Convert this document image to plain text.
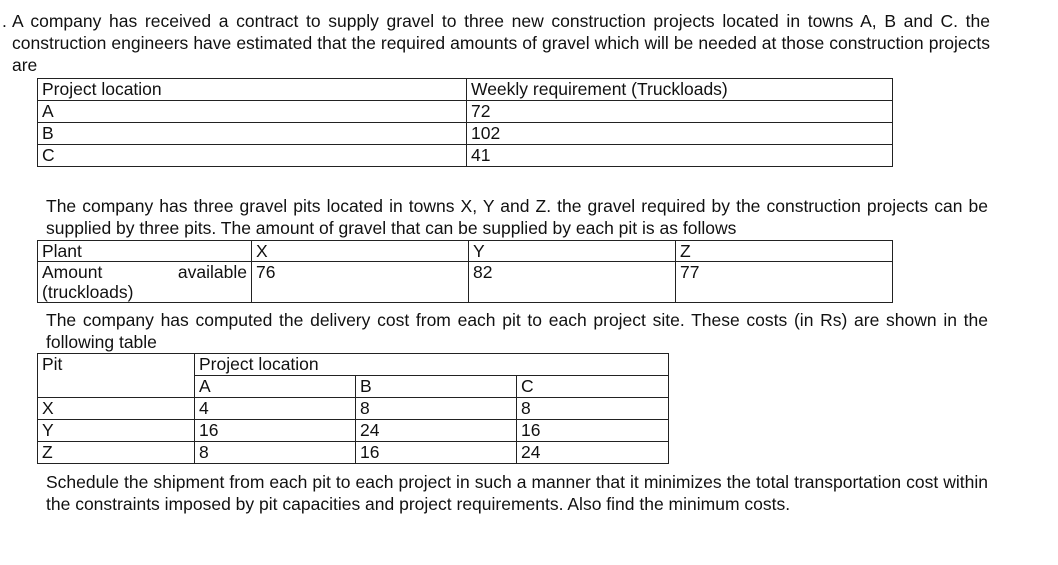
. A company has received a contract to supply gravel to three new construction projects located in towns A, B and C. the construction engineers have estimated that the required amounts of gravel which will be needed at those construction projects are

Project location	Weekly requirement (Truckloads)
A	72
B	102
C	41

The company has three gravel pits located in towns X, Y and Z. the gravel required by the construction projects can be supplied by three pits. The amount of gravel that can be supplied by each pit is as follows

Plant	X	Y	Z

Amount available
(truckloads)	76	82	77

The company has computed the delivery cost from each pit to each project site. These costs (in Rs) are shown in the following table

Pit	Project location		
	A	B	C
X	4	8	8
Y	16	24	16
Z	8	16	24

Schedule the shipment from each pit to each project in such a manner that it minimizes the total transportation cost within the constraints imposed by pit capacities and project requirements. Also find the minimum costs.
